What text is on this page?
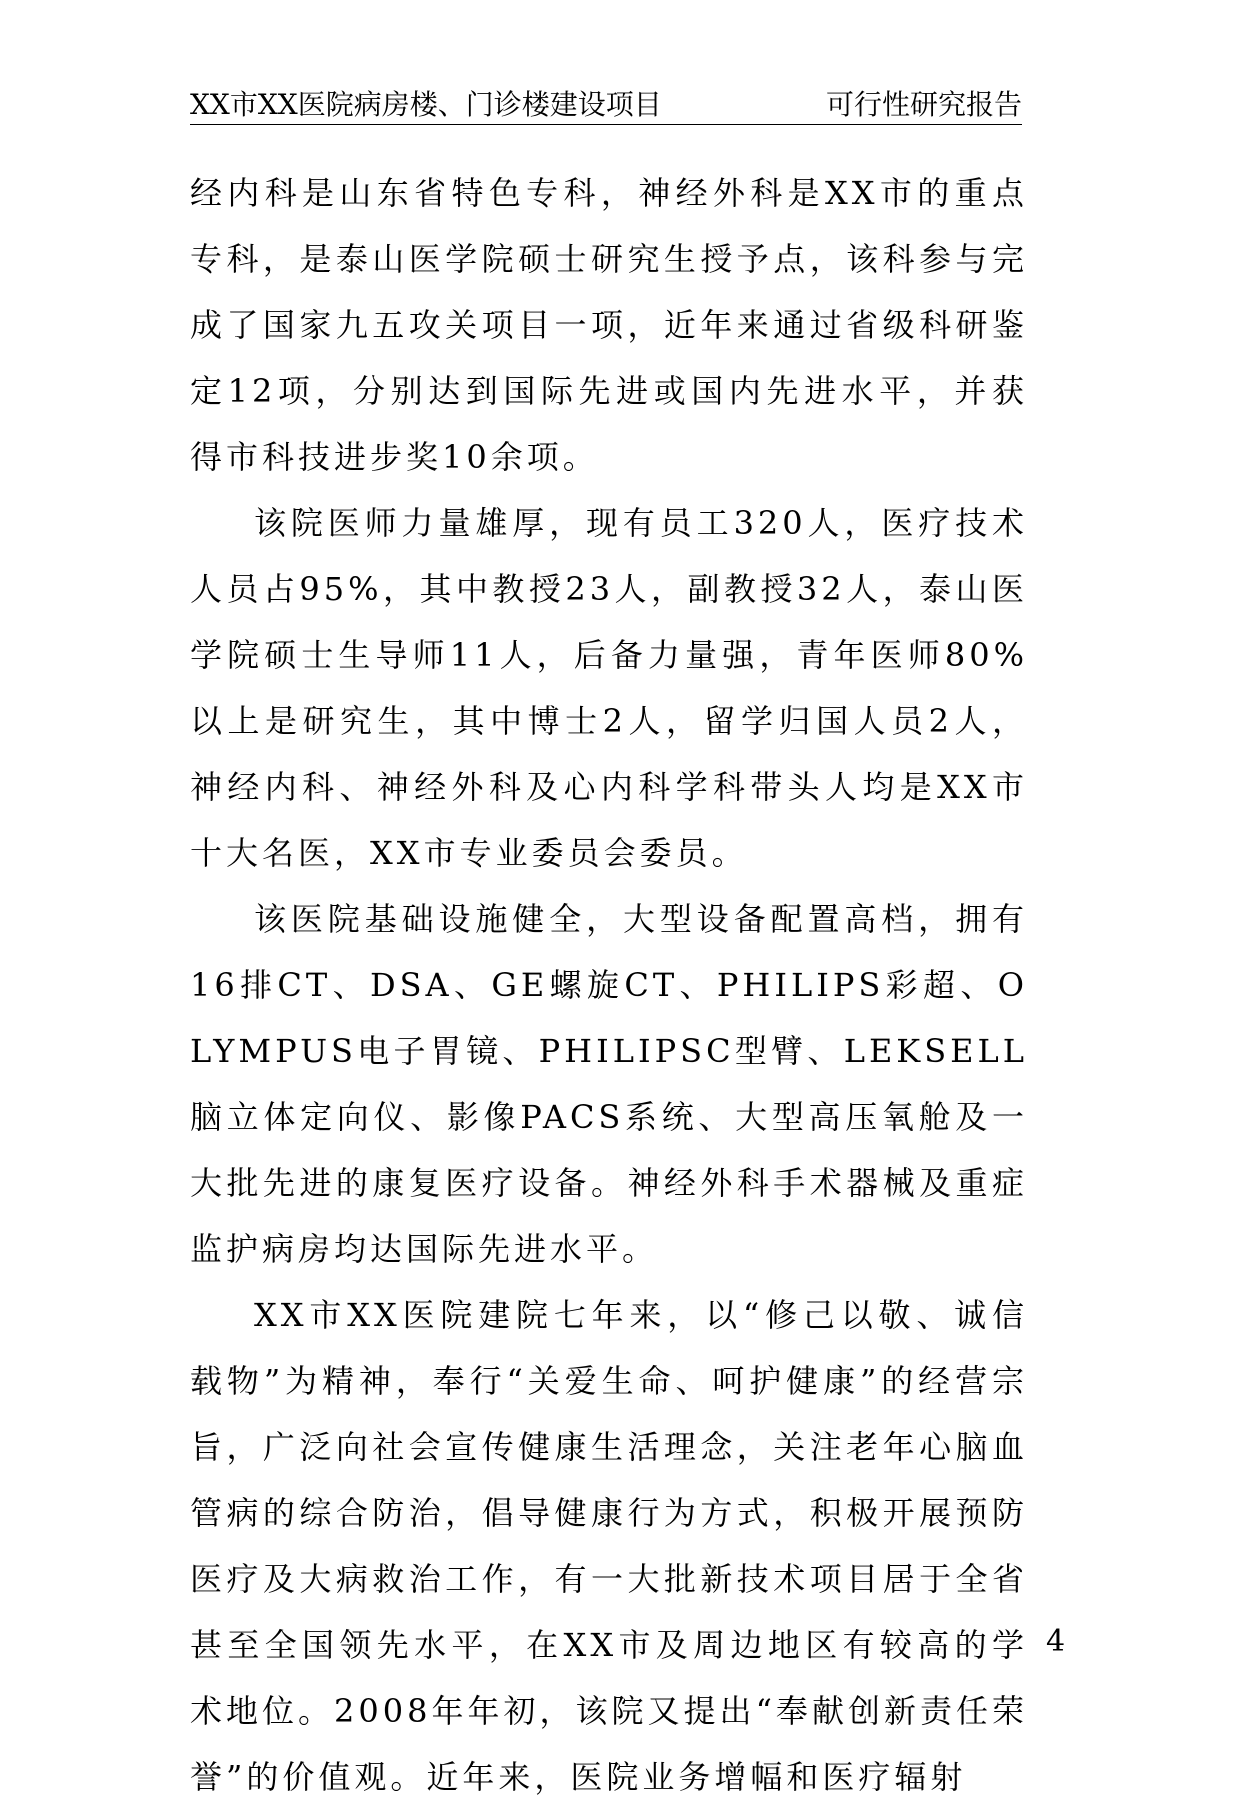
XX市XX医院病房楼、门诊楼建设项目	可行性研究报告

经内科是山东省特色专科，神经外科是XX市的重点专科，是泰山医学院硕士研究生授予点，该科参与完成了国家九五攻关项目一项，近年来通过省级科研鉴定12项，分别达到国际先进或国内先进水平，并获得市科技进步奖10余项。

该院医师力量雄厚，现有员工320人，医疗技术人员占95%，其中教授23人，副教授32人，泰山医学院硕士生导师11人，后备力量强，青年医师80%以上是研究生，其中博士2人，留学归国人员2人，神经内科、神经外科及心内科学科带头人均是XX市十大名医，XX市专业委员会委员。

该医院基础设施健全，大型设备配置高档，拥有16排CT、DSA、GE螺旋CT、PHILIPS彩超、OLYMPUS电子胃镜、PHILIPSC型臂、LEKSELL脑立体定向仪、影像PACS系统、大型高压氧舱及一大批先进的康复医疗设备。神经外科手术器械及重症监护病房均达国际先进水平。

XX市XX医院建院七年来，以“修己以敬、诚信载物”为精神，奉行“关爱生命、呵护健康”的经营宗旨，广泛向社会宣传健康生活理念，关注老年心脑血管病的综合防治，倡导健康行为方式，积极开展预防医疗及大病救治工作，有一大批新技术项目居于全省甚至全国领先水平，在XX市及周边地区有较高的学术地位。2008年年初，该院又提出“奉献创新责任荣誉”的价值观。近年来，医院业务增幅和医疗辐射

4
